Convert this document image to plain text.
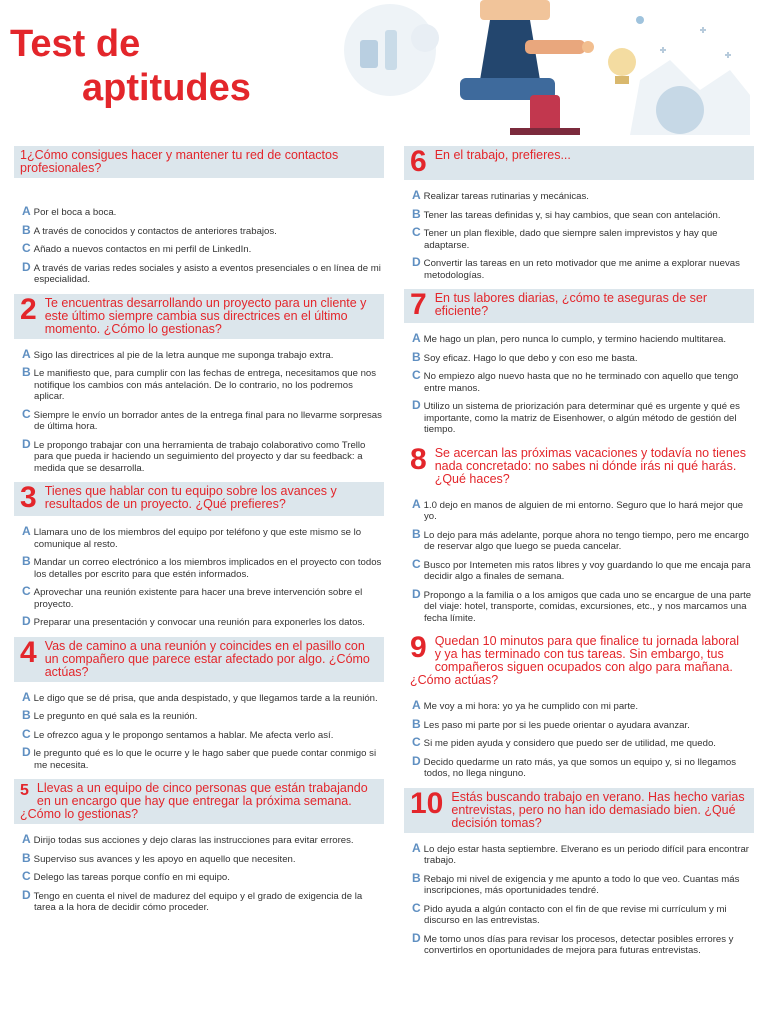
Test de
aptitudes
1¿Cómo consigues hacer y mantener tu red de contactos profesionales?
A Por el boca a boca.
B A través de conocidos y contactos de anteriores trabajos.
C Añado a nuevos contactos en mi perfil de LinkedIn.
D A través de varias redes sociales y asisto a eventos presenciales o en línea de mi especialidad.
2 Te encuentras desarrollando un proyecto para un cliente y este último siempre cambia sus directrices en el último momento. ¿Cómo lo gestionas?
A Sigo las directrices al pie de la letra aunque me suponga trabajo extra.
B Le manifiesto que, para cumplir con las fechas de entrega, necesitamos que nos notifique los cambios con más antelación. De lo contrario, no los podremos aplicar.
C Siempre le envío un borrador antes de la entrega final para no llevarme sorpresas de última hora.
D Le propongo trabajar con una herramienta de trabajo colaborativo como Trello para que pueda ir haciendo un seguimiento del proyecto y dar su feedback: a medida que se desarrolla.
3 Tienes que hablar con tu equipo sobre los avances y resultados de un proyecto. ¿Qué prefieres?
A Llamara uno de los miembros del equipo por teléfono y que este mismo se lo comunique al resto.
B Mandar un correo electrónico a los miembros implicados en el proyecto con todos los detalles por escrito para que estén informados.
C Aprovechar una reunión existente para hacer una breve intervención sobre el proyecto.
D Preparar una presentación y convocar una reunión para exponerles los datos.
4 Vas de camino a una reunión y coincides en el pasillo con un compañero que parece estar afectado por algo. ¿Cómo actúas?
A Le digo que se dé prisa, que anda despistado, y que llegamos tarde a la reunión.
B Le pregunto en qué sala es la reunión.
C Le ofrezco agua y le propongo sentamos a hablar. Me afecta verlo así.
D le pregunto qué es lo que le ocurre y le hago saber que puede contar conmigo si me necesita.
5 Llevas a un equipo de cinco personas que están trabajando en un encargo que hay que entregar la próxima semana. ¿Cómo lo gestionas?
A Dirijo todas sus acciones y dejo claras las instrucciones para evitar errores.
B Superviso sus avances y les apoyo en aquello que necesiten.
C Delego las tareas porque confío en mi equipo.
D Tengo en cuenta el nivel de madurez del equipo y el grado de exigencia de la tarea a la hora de decidir cómo proceder.
6 En el trabajo, prefieres...
A Realizar tareas rutinarias y mecánicas.
B Tener las tareas definidas y, si hay cambios, que sean con antelación.
C Tener un plan flexible, dado que siempre salen imprevistos y hay que adaptarse.
D Convertir las tareas en un reto motivador que me anime a explorar nuevas metodologías.
7 En tus labores diarias, ¿cómo te aseguras de ser eficiente?
A Me hago un plan, pero nunca lo cumplo, y termino haciendo multitarea.
B Soy eficaz. Hago lo que debo y con eso me basta.
C No empiezo algo nuevo hasta que no he terminado con aquello que tengo entre manos.
D Utilizo un sistema de priorización para determinar qué es urgente y qué es importante, como la matriz de Eisenhower, o algún método de gestión del tiempo.
8 Se acercan las próximas vacaciones y todavía no tienes nada concretado: no sabes ni dónde irás ni qué harás. ¿Qué haces?
A 1.0 dejo en manos de alguien de mi entorno. Seguro que lo hará mejor que yo.
B Lo dejo para más adelante, porque ahora no tengo tiempo, pero me encargo de reservar algo que luego se pueda cancelar.
C Busco por Intemeten mis ratos libres y voy guardando lo que me encaja para decidir algo a finales de semana.
D Propongo a la familia o a los amigos que cada uno se encargue de una parte del viaje: hotel, transporte, comidas, excursiones, etc., y nos marcamos una fecha límite.
9 Quedan 10 minutos para que finalice tu jornada laboral y ya has terminado con tus tareas. Sin embargo, tus compañeros siguen ocupados con algo para mañana. ¿Cómo actúas?
A Me voy a mi hora: yo ya he cumplido con mi parte.
B Les paso mi parte por si les puede orientar o ayudara avanzar.
C Si me piden ayuda y considero que puedo ser de utilidad, me quedo.
D Decido quedarme un rato más, ya que somos un equipo y, si no llegamos todos, no llega ninguno.
10 Estás buscando trabajo en verano. Has hecho varias entrevistas, pero no han ido demasiado bien. ¿Qué decisión tomas?
A Lo dejo estar hasta septiembre. Elverano es un periodo difícil para encontrar trabajo.
B Rebajo mi nivel de exigencia y me apunto a todo lo que veo. Cuantas más inscripciones, más oportunidades tendré.
C Pido ayuda a algún contacto con el fin de que revise mi currículum y mi discurso en las entrevistas.
D Me tomo unos días para revisar los procesos, detectar posibles errores y convertirlos en oportunidades de mejora para futuras entrevistas.
